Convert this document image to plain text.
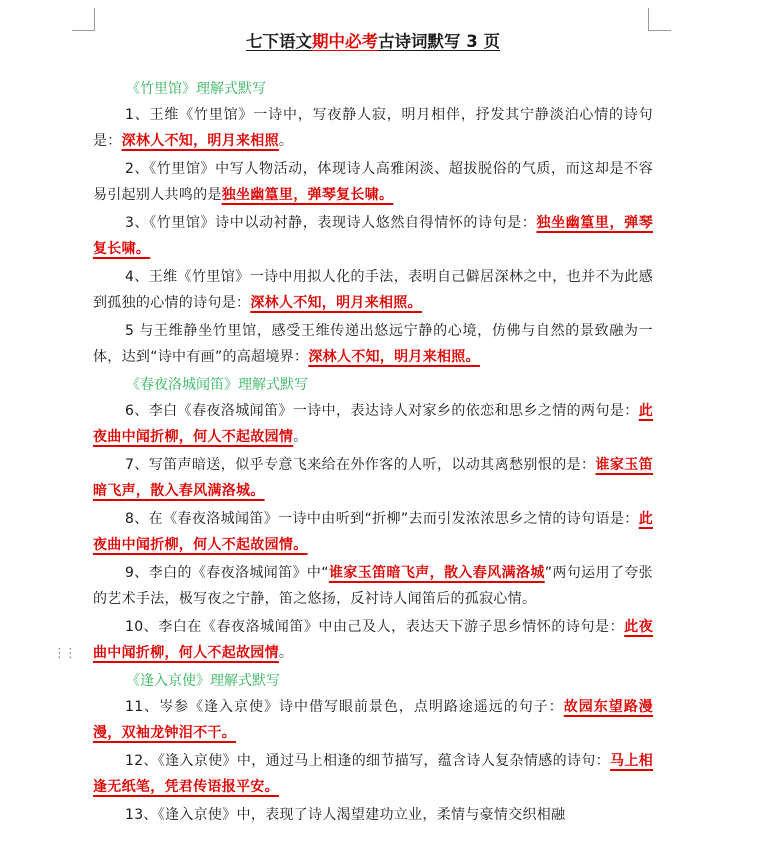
⋮⋮
七下语文期中必考古诗词默写 3 页
《竹里馆》理解式默写

1、王维《竹里馆》一诗中，写夜静人寂，明月相伴，抒发其宁静淡泊心情的诗句是：深林人不知，明月来相照。

2、《竹里馆》中写人物活动，体现诗人高雅闲淡、超拔脱俗的气质，而这却是不容易引起别人共鸣的是独坐幽篁里，弹琴复长啸。

3、《竹里馆》诗中以动衬静，表现诗人悠然自得情怀的诗句是：独坐幽篁里，弹琴复长啸。

4、王维《竹里馆》一诗中用拟人化的手法，表明自己僻居深林之中，也并不为此感到孤独的心情的诗句是：深林人不知，明月来相照。

5 与王维静坐竹里馆，感受王维传递出悠远宁静的心境，仿佛与自然的景致融为一体，达到“诗中有画”的高超境界：深林人不知，明月来相照。

《春夜洛城闻笛》理解式默写

6、李白《春夜洛城闻笛》一诗中，表达诗人对家乡的依恋和思乡之情的两句是：此夜曲中闻折柳，何人不起故园情。

7、写笛声暗送，似乎专意飞来给在外作客的人听，以动其离愁别恨的是：谁家玉笛暗飞声，散入春风满洛城。

8、在《春夜洛城闻笛》一诗中由听到“折柳”去而引发浓浓思乡之情的诗句语是：此夜曲中闻折柳，何人不起故园情。

9、李白的《春夜洛城闻笛》中“谁家玉笛暗飞声，散入春风满洛城”两句运用了夸张的艺术手法，极写夜之宁静，笛之悠扬，反衬诗人闻笛后的孤寂心情。

10、李白在《春夜洛城闻笛》中由己及人，表达天下游子思乡情怀的诗句是：此夜曲中闻折柳，何人不起故园情。

《逢入京使》理解式默写

11、岑参《逢入京使》诗中借写眼前景色，点明路途遥远的句子：故园东望路漫漫，双袖龙钟泪不干。

12、《逢入京使》中，通过马上相逢的细节描写，蕴含诗人复杂情感的诗句：马上相逢无纸笔，凭君传语报平安。

13、《逢入京使》中，表现了诗人渴望建功立业，柔情与豪情交织相融
